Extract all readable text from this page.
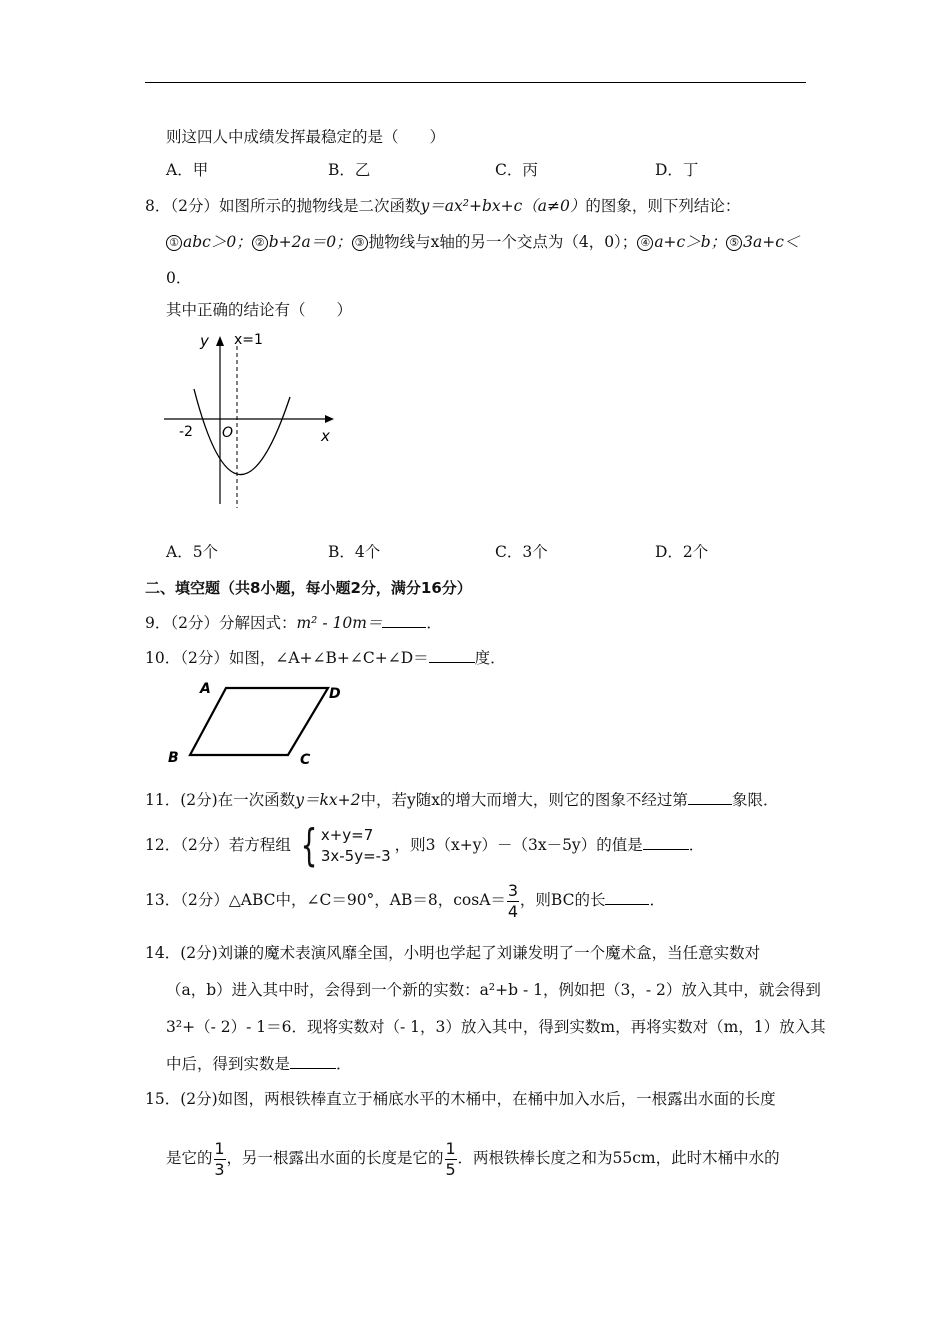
则这四人中成绩发挥最稳定的是（　　）
A．甲	B．乙	C．丙	D．丁
8．（2分）如图所示的抛物线是二次函数y＝ax²+bx+c（a≠0）的图象，则下列结论：
① abc＞0； ② b+2a＝0； ③ 抛物线与x轴的另一个交点为（4，0）； ④ a+c＞b； ⑤ 3a+c＜
0．
其中正确的结论有（　　）
y x=1
x
O
-2
A．5个	B．4个	C．3个	D．2个
二、填空题（共8小题，每小题2分，满分16分）
9．（2分）分解因式：m² - 10m＝	．
10．（2分）如图，∠A+∠B+∠C+∠D＝	度．
A	D
B	C
11．(2分)在一次函数y＝kx+2中，若y随x的增大而增大，则它的图象不经过第	象限．
12．（2分）若方程组 { x+y=7
3x-5y=-3
，则3（x+y）－（3x－5y）的值是	．
13．（2分）△ABC中，∠C＝90°，AB＝8，$\cos A= \frac{3}{4}$ ，则BC的长	．
14．(2分)刘谦的魔术表演风靡全国，小明也学起了刘谦发明了一个魔术盒，当任意实数对
（a，b）进入其中时，会得到一个新的实数：a²+b - 1，例如把（3，- 2）放入其中，就会得到
3²+（- 2）- 1＝6．现将实数对（- 1，3）放入其中，得到实数m，再将实数对（m，1）放入其
中后，得到实数是	．
15．(2分)如图，两根铁棒直立于桶底水平的木桶中，在桶中加入水后，一根露出水面的长度
是它的 $\frac{1}{3}$ ，另一根露出水面的长度是它的 $\frac{1}{5}$ ．两根铁棒长度之和为55cm，此时木桶中水的
